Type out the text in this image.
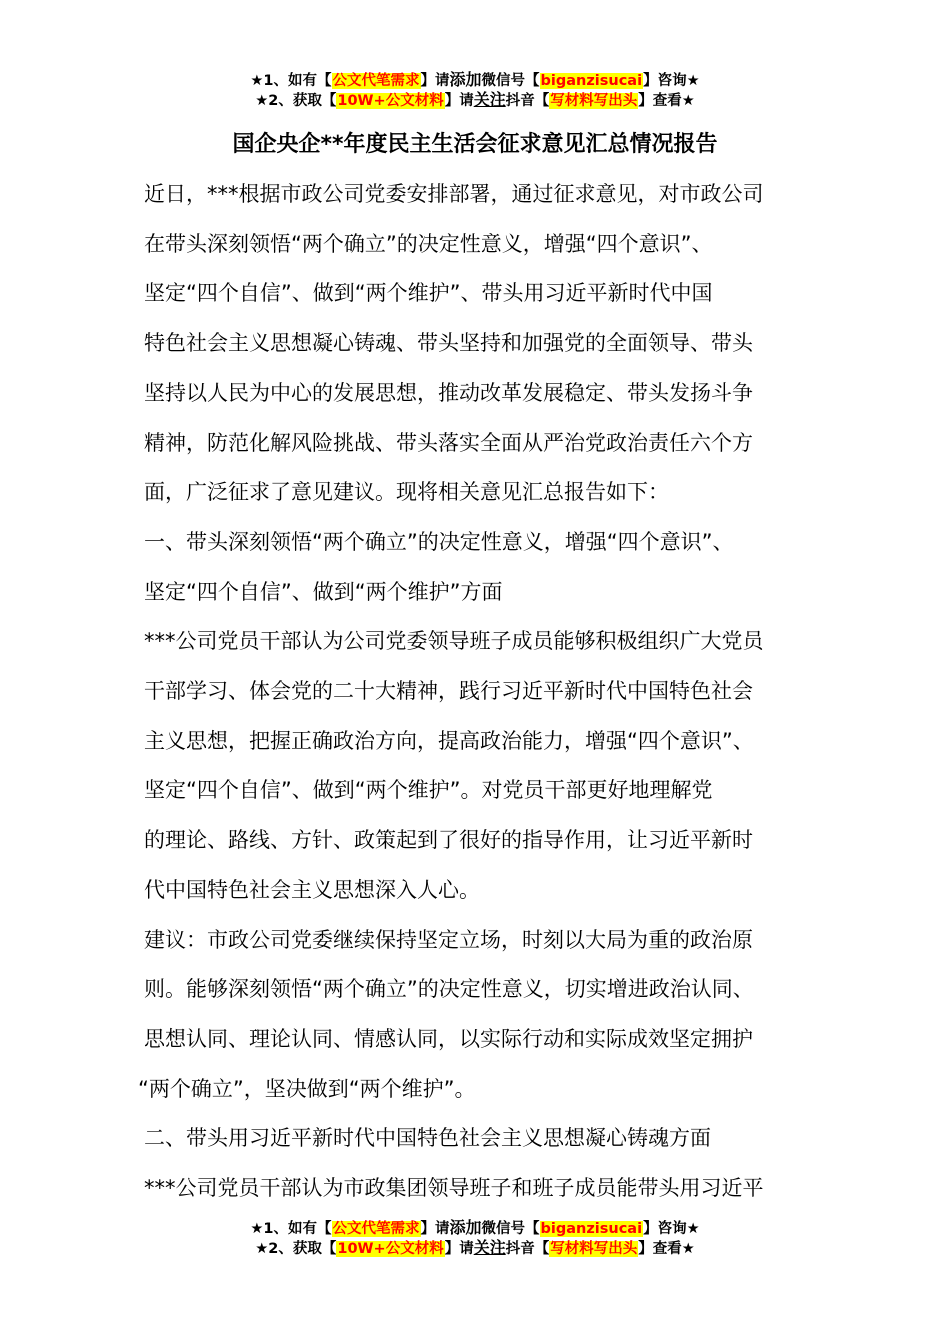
★1、如有【公文代笔需求】请添加微信号【biganzisucai】咨询★
★2、获取【10W+公文材料】请关注抖音【写材料写出头】查看★
国企央企**年度民主生活会征求意见汇总情况报告

近日，***根据市政公司党委安排部署，通过征求意见，对市政公司

在带头深刻领悟“两个确立”的决定性意义，增强“四个意识”、

坚定“四个自信”、做到“两个维护”、带头用习近平新时代中国

特色社会主义思想凝心铸魂、带头坚持和加强党的全面领导、带头

坚持以人民为中心的发展思想，推动改革发展稳定、带头发扬斗争

精神，防范化解风险挑战、带头落实全面从严治党政治责任六个方

面，广泛征求了意见建议。现将相关意见汇总报告如下：

一、带头深刻领悟“两个确立”的决定性意义，增强“四个意识”、

坚定“四个自信”、做到“两个维护”方面

***公司党员干部认为公司党委领导班子成员能够积极组织广大党员

干部学习、体会党的二十大精神，践行习近平新时代中国特色社会

主义思想，把握正确政治方向，提高政治能力，增强“四个意识”、

坚定“四个自信”、做到“两个维护”。对党员干部更好地理解党

的理论、路线、方针、政策起到了很好的指导作用，让习近平新时

代中国特色社会主义思想深入人心。

建议：市政公司党委继续保持坚定立场，时刻以大局为重的政治原

则。能够深刻领悟“两个确立”的决定性意义，切实增进政治认同、

思想认同、理论认同、情感认同，以实际行动和实际成效坚定拥护

“两个确立”，坚决做到“两个维护”。

二、带头用习近平新时代中国特色社会主义思想凝心铸魂方面

***公司党员干部认为市政集团领导班子和班子成员能带头用习近平

★1、如有【公文代笔需求】请添加微信号【biganzisucai】咨询★
★2、获取【10W+公文材料】请关注抖音【写材料写出头】查看★
